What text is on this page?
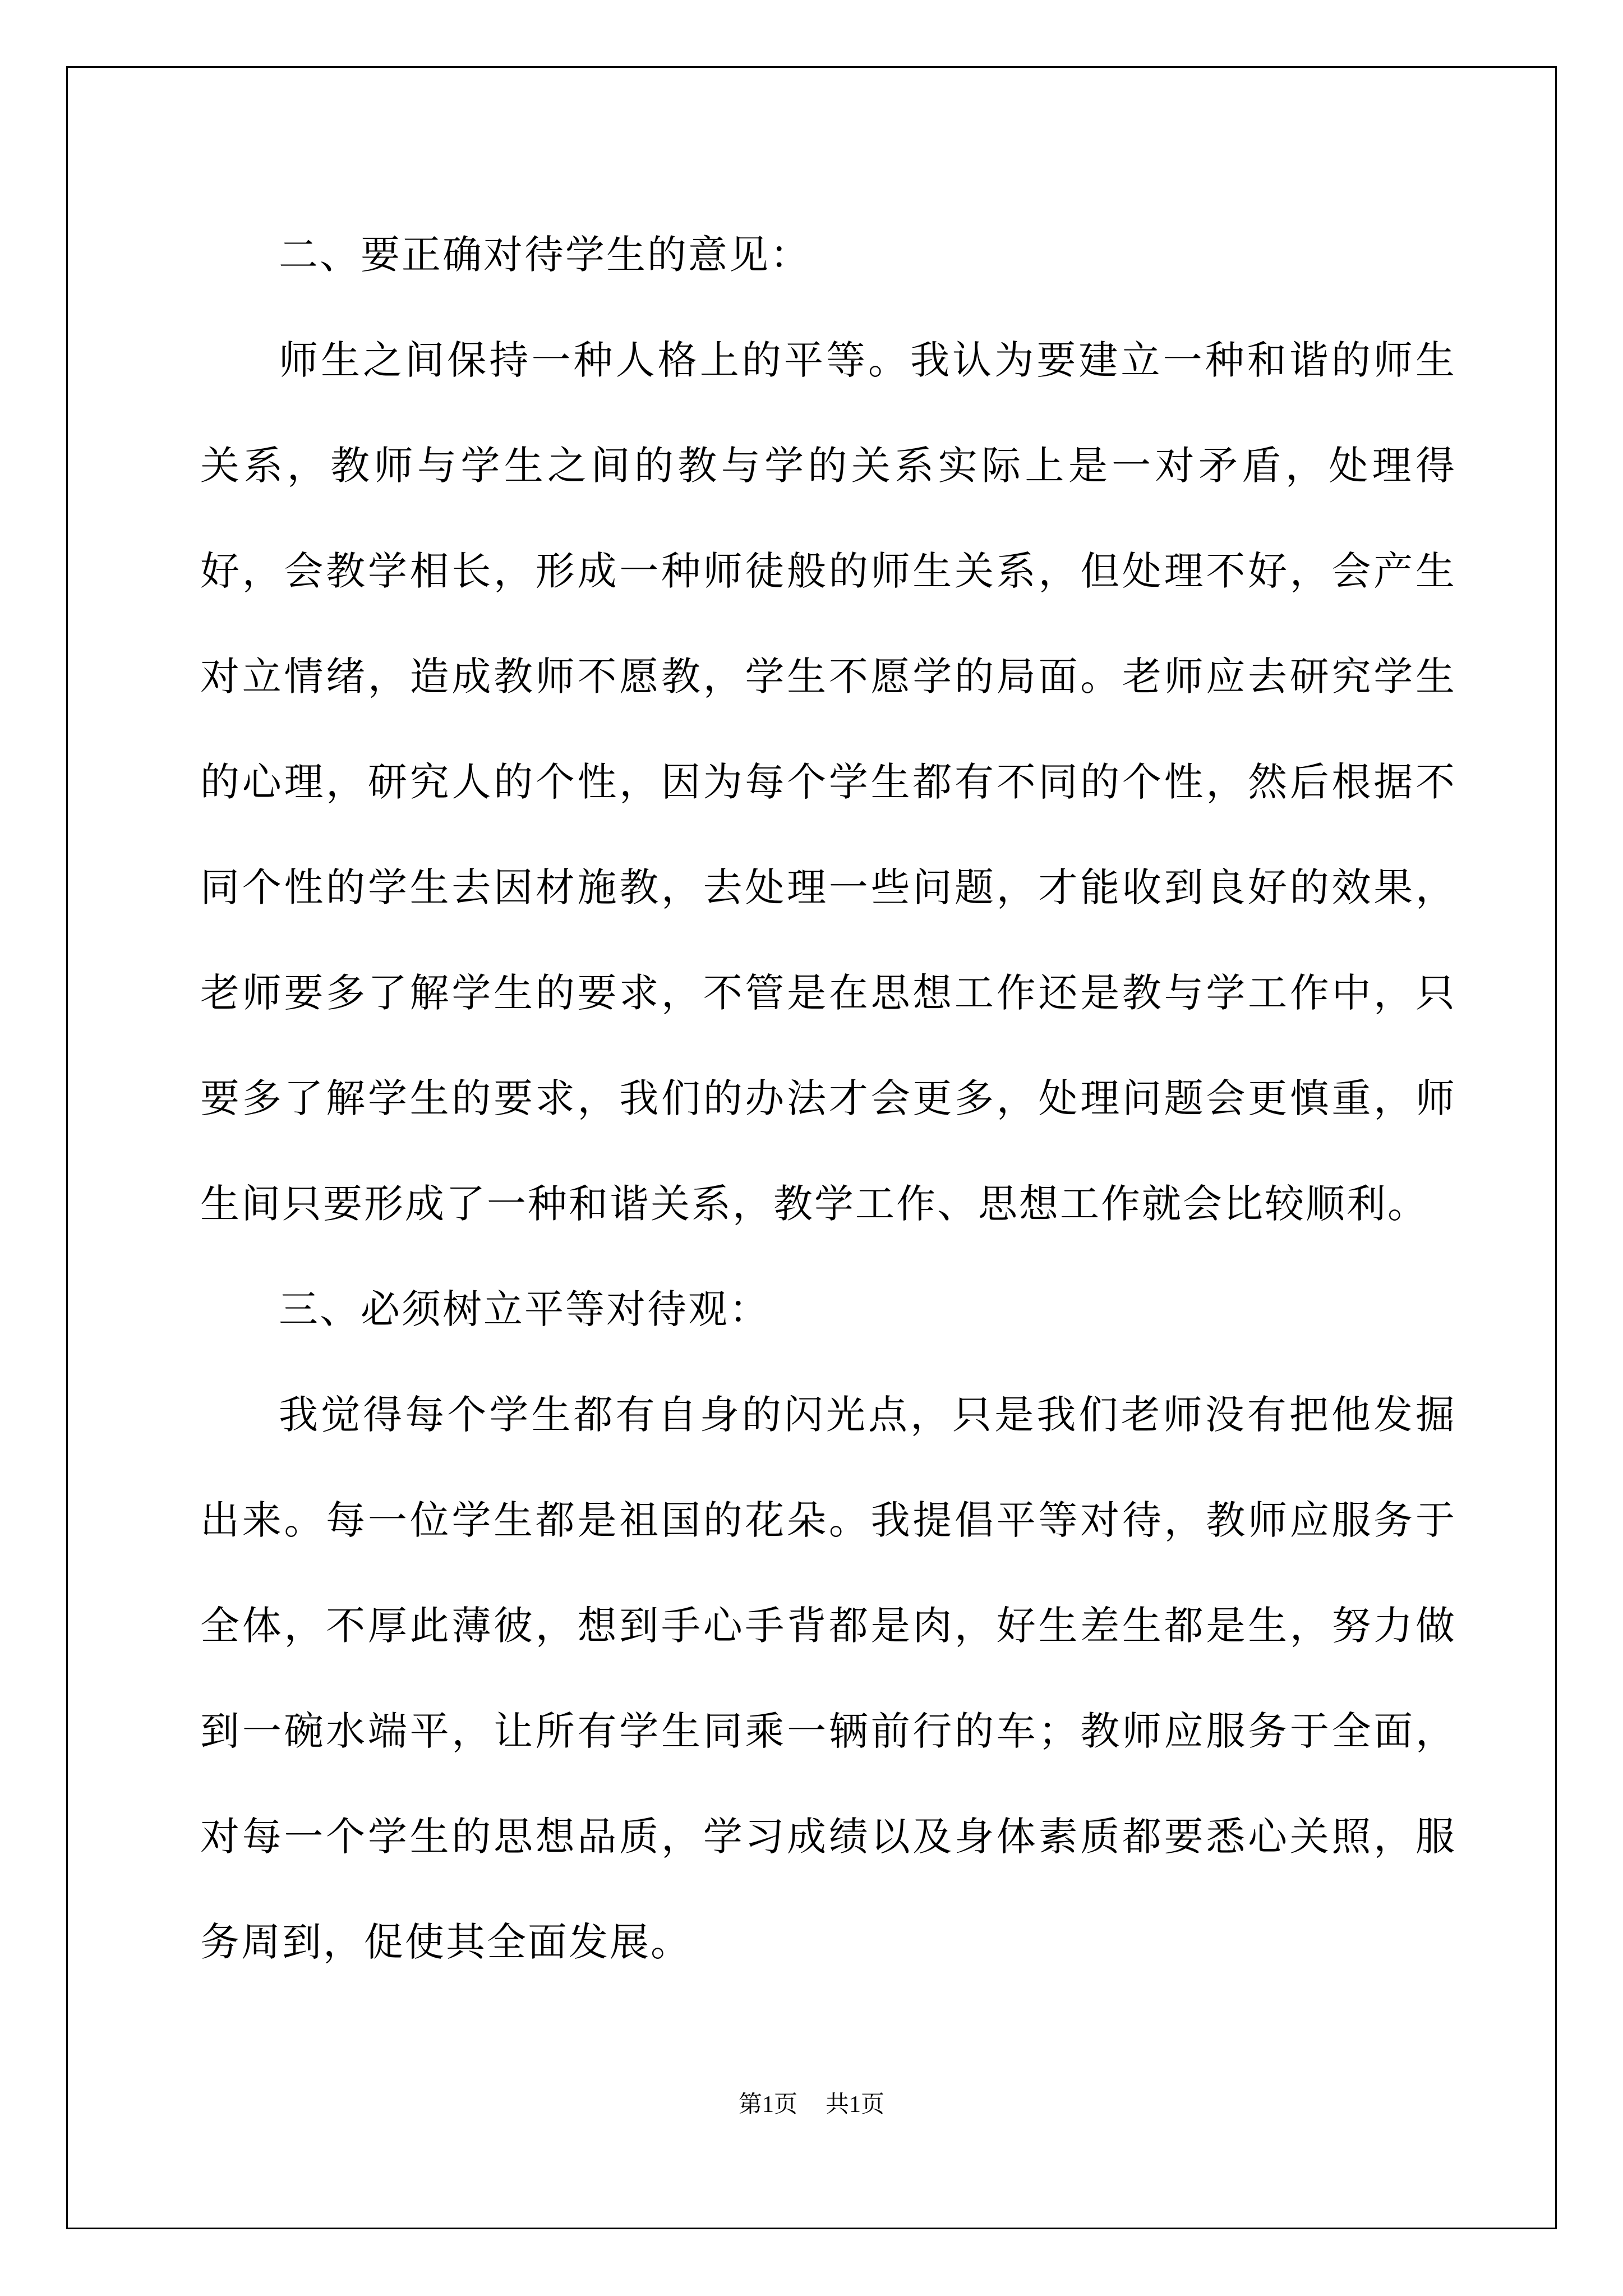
二、要正确对待学生的意见：

师生之间保持一种人格上的平等。我认为要建立一种和谐的师生关系，教师与学生之间的教与学的关系实际上是一对矛盾，处理得好，会教学相长，形成一种师徒般的师生关系，但处理不好，会产生对立情绪，造成教师不愿教，学生不愿学的局面。老师应去研究学生的心理，研究人的个性，因为每个学生都有不同的个性，然后根据不同个性的学生去因材施教，去处理一些问题，才能收到良好的效果，老师要多了解学生的要求，不管是在思想工作还是教与学工作中，只要多了解学生的要求，我们的办法才会更多，处理问题会更慎重，师生间只要形成了一种和谐关系，教学工作、思想工作就会比较顺利。

三、必须树立平等对待观：

我觉得每个学生都有自身的闪光点，只是我们老师没有把他发掘出来。每一位学生都是祖国的花朵。我提倡平等对待，教师应服务于全体，不厚此薄彼，想到手心手背都是肉，好生差生都是生，努力做到一碗水端平，让所有学生同乘一辆前行的车；教师应服务于全面，对每一个学生的思想品质，学习成绩以及身体素质都要悉心关照，服务周到，促使其全面发展。

第1页 共1页
